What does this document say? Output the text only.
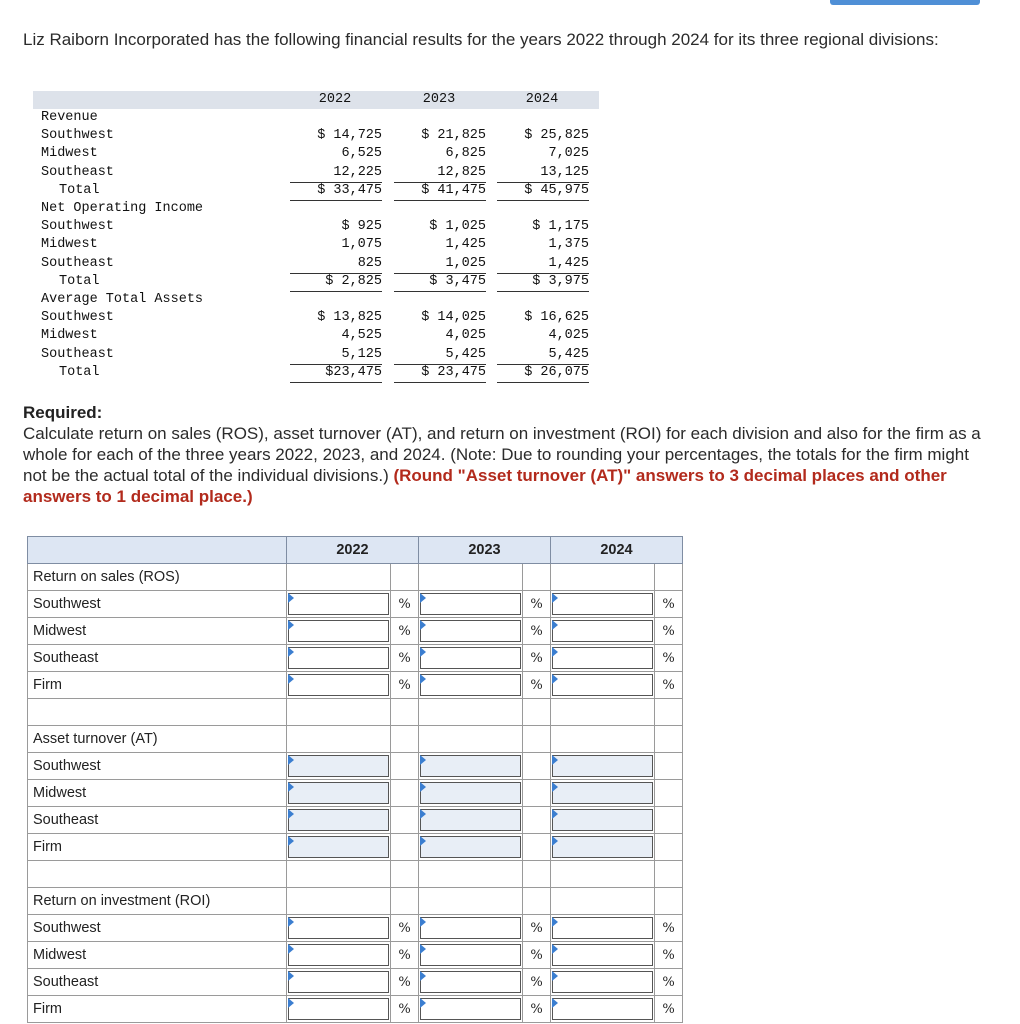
Liz Raiborn Incorporated has the following financial results for the years 2022 through 2024 for its three regional divisions:
2022	2023	2024
Revenue
Southwest	$ 14,725	$ 21,825	$ 25,825
Midwest	6,525	6,825	7,025
Southeast	12,225	12,825	13,125
Total	$ 33,475	$ 41,475	$ 45,975
Net Operating Income
Southwest	$ 925	$ 1,025	$ 1,175
Midwest	1,075	1,425	1,375
Southeast	825	1,025	1,425
Total	$ 2,825	$ 3,475	$ 3,975
Average Total Assets
Southwest	$ 13,825	$ 14,025	$ 16,625
Midwest	4,525	4,025	4,025
Southeast	5,125	5,425	5,425
Total	$23,475	$ 23,475	$ 26,075
Required:
Calculate return on sales (ROS), asset turnover (AT), and return on investment (ROI) for each division and also for the firm as a whole for each of the three years 2022, 2023, and 2024. (Note: Due to rounding your percentages, the totals for the firm might not be the actual total of the individual divisions.) (Round "Asset turnover (AT)" answers to 3 decimal places and other answers to 1 decimal place.)
	2022		2023		2024	
Return on sales (ROS)						
Southwest		%		%		%
Midwest		%		%		%
Southeast		%		%		%
Firm		%		%		%

Asset turnover (AT)						
Southwest	

Midwest	

Southeast	

Firm	

Return on investment (ROI)						
Southwest		%		%		%
Midwest		%		%		%
Southeast		%		%		%
Firm		%		%		%
